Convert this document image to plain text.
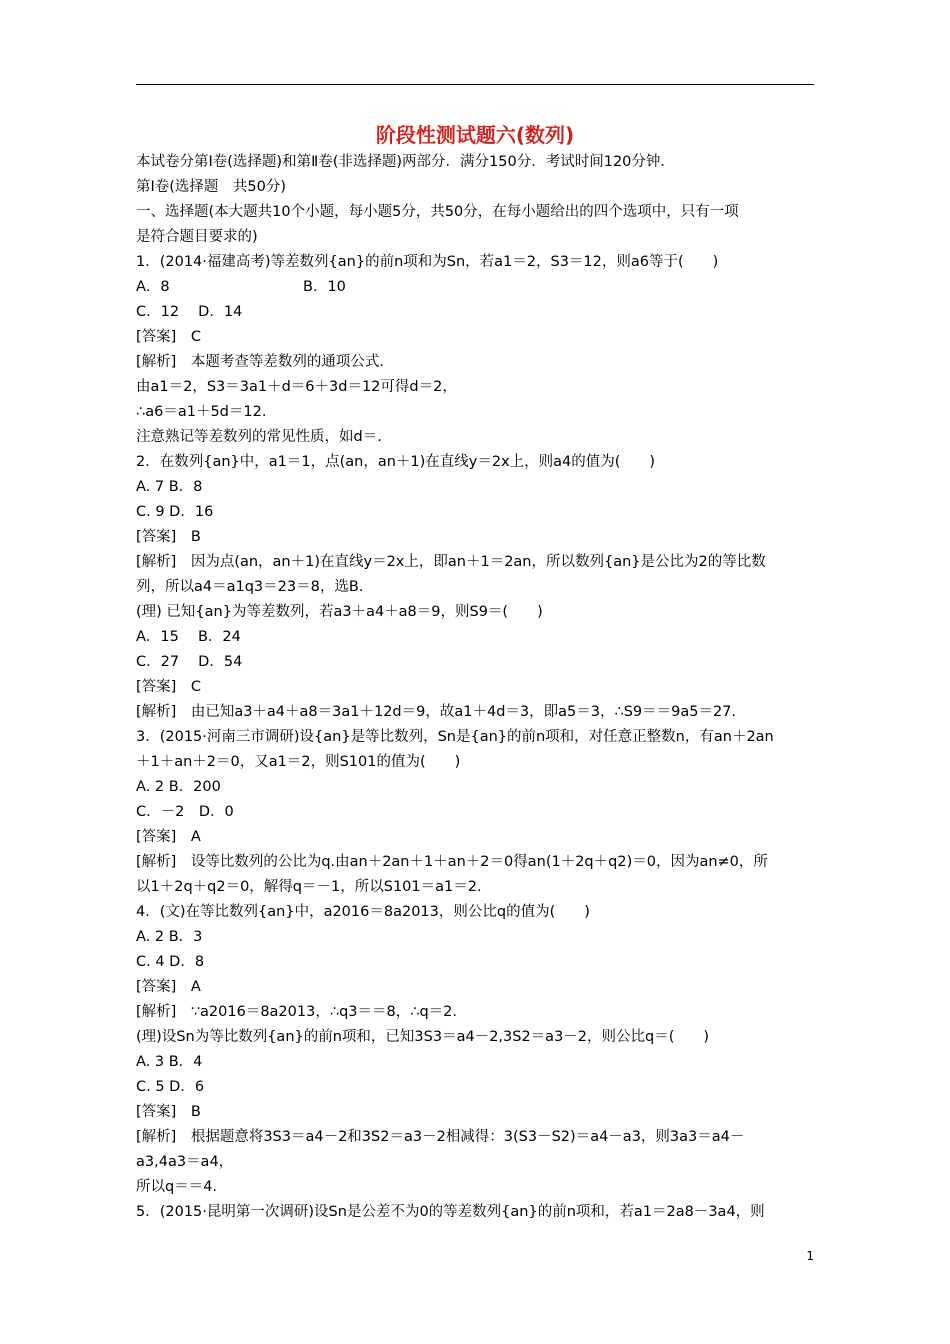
阶段性测试题六(数列)
本试卷分第Ⅰ卷(选择题)和第Ⅱ卷(非选择题)两部分．满分150分．考试时间120分钟．
第Ⅰ卷(选择题　共50分)
一、选择题(本大题共10个小题，每小题5分，共50分，在每小题给出的四个选项中，只有一项
是符合题目要求的)
1．(2014·福建高考)等差数列{an}的前n项和为Sn，若a1＝2，S3＝12，则a6等于(　　)
A．8	B．10
C．12　 D．14
[答案]　C
[解析]　本题考查等差数列的通项公式．
由a1＝2，S3＝3a1＋d＝6＋3d＝12可得d＝2，
∴a6＝a1＋5d＝12.
注意熟记等差数列的常见性质，如d＝.
2．在数列{an}中，a1＝1，点(an，an＋1)在直线y＝2x上，则a4的值为(　　)
A. 7 B．8
C. 9 D．16
[答案]　B
[解析]　因为点(an，an＋1)在直线y＝2x上，即an＋1＝2an，所以数列{an}是公比为2的等比数
列，所以a4＝a1q3＝23＝8，选B.
(理) 已知{an}为等差数列，若a3＋a4＋a8＝9，则S9＝(　　)
A．15　 B．24
C．27　 D．54
[答案]　C
[解析]　由已知a3＋a4＋a8＝3a1＋12d＝9，故a1＋4d＝3，即a5＝3，∴S9＝＝9a5＝27.
3．(2015·河南三市调研)设{an}是等比数列，Sn是{an}的前n项和，对任意正整数n，有an＋2an
＋1＋an＋2＝0，又a1＝2，则S101的值为(　　)
A. 2 B．200
C．－2　D．0
[答案]　A
[解析]　设等比数列的公比为q.由an＋2an＋1＋an＋2＝0得an(1＋2q＋q2)＝0，因为an≠0，所
以1＋2q＋q2＝0，解得q＝－1，所以S101＝a1＝2.
4．(文)在等比数列{an}中，a2016＝8a2013，则公比q的值为(　　)
A. 2 B．3
C. 4 D．8
[答案]　A
[解析]　∵a2016＝8a2013，∴q3＝＝8，∴q＝2.
(理)设Sn为等比数列{an}的前n项和，已知3S3＝a4－2,3S2＝a3－2，则公比q＝(　　)
A. 3 B．4
C. 5 D．6
[答案]　B
[解析]　根据题意将3S3＝a4－2和3S2＝a3－2相减得：3(S3－S2)＝a4－a3，则3a3＝a4－
a3,4a3＝a4，
所以q＝＝4.
5．(2015·昆明第一次调研)设Sn是公差不为0的等差数列{an}的前n项和，若a1＝2a8－3a4，则
1
